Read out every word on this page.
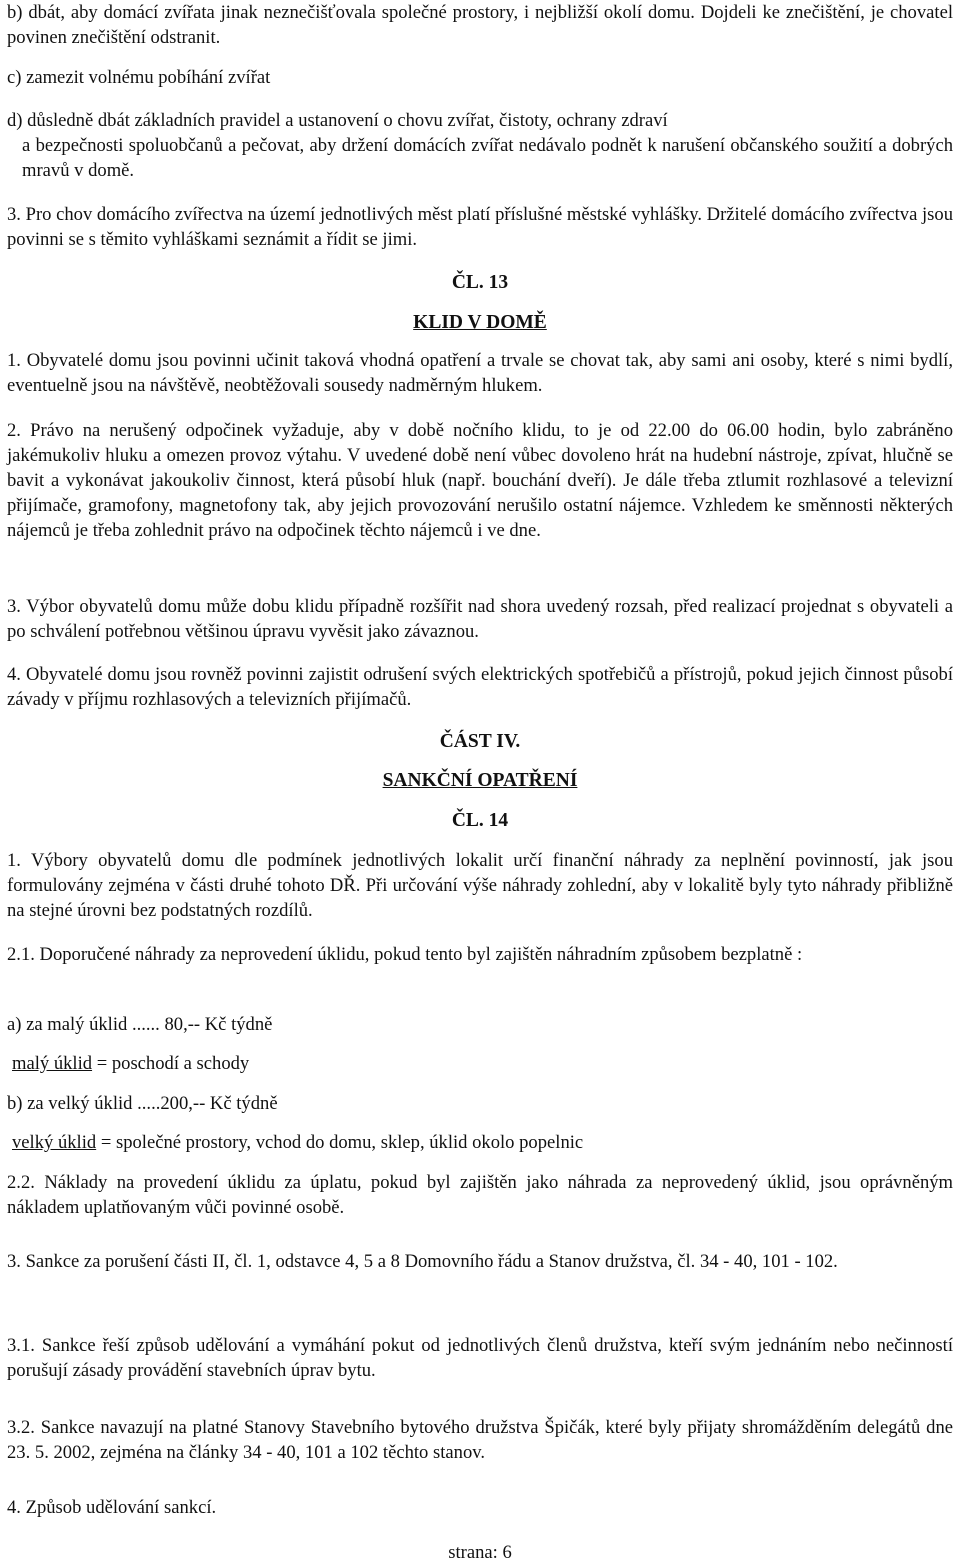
b) dbát, aby domácí zvířata jinak neznečišťovala společné prostory, i nejbližší okolí domu. Dojdeli ke znečištění, je chovatel povinen znečištění odstranit.

c) zamezit volnému pobíhání zvířat

d) důsledně dbát základních pravidel a ustanovení o chovu zvířat, čistoty, ochrany zdraví

a bezpečnosti spoluobčanů a pečovat, aby držení domácích zvířat nedávalo podnět k narušení občanského soužití a dobrých mravů v domě.

3. Pro chov domácího zvířectva na území jednotlivých měst platí příslušné městské vyhlášky. Držitelé domácího zvířectva jsou povinni se s těmito vyhláškami seznámit a řídit se jimi.

ČL. 13

KLID V DOMĚ

1. Obyvatelé domu jsou povinni učinit taková vhodná opatření a trvale se chovat tak, aby sami ani osoby, které s nimi bydlí, eventuelně jsou na návštěvě, neobtěžovali sousedy nadměrným hlukem.

2. Právo na nerušený odpočinek vyžaduje, aby v době nočního klidu, to je od 22.00 do 06.00 hodin, bylo zabráněno jakémukoliv hluku a omezen provoz výtahu. V uvedené době není vůbec dovoleno hrát na hudební nástroje, zpívat, hlučně se bavit a vykonávat jakoukoliv činnost, která působí hluk (např. bouchání dveří). Je dále třeba ztlumit rozhlasové a televizní přijímače, gramofony, magnetofony tak, aby jejich provozování nerušilo ostatní nájemce. Vzhledem ke směnnosti některých nájemců je třeba zohlednit právo na odpočinek těchto nájemců i ve dne.

3. Výbor obyvatelů domu může dobu klidu případně rozšířit nad shora uvedený rozsah, před realizací projednat s obyvateli a po schválení potřebnou většinou úpravu vyvěsit jako závaznou.

4. Obyvatelé domu jsou rovněž povinni zajistit odrušení svých elektrických spotřebičů a přístrojů, pokud jejich činnost působí závady v příjmu rozhlasových a televizních přijímačů.

ČÁST IV.

SANKČNÍ OPATŘENÍ

ČL. 14

1. Výbory obyvatelů domu dle podmínek jednotlivých lokalit určí finanční náhrady za neplnění povinností, jak jsou formulovány zejména v části druhé tohoto DŘ. Při určování výše náhrady zohlední, aby v lokalitě byly tyto náhrady přibližně na stejné úrovni bez podstatných rozdílů.

2.1. Doporučené náhrady za neprovedení úklidu, pokud tento byl zajištěn náhradním způsobem bezplatně :

a) za malý úklid ...... 80,-- Kč týdně

malý úklid = poschodí a schody

b) za velký úklid .....200,-- Kč týdně

velký úklid = společné prostory, vchod do domu, sklep, úklid okolo popelnic

2.2. Náklady na provedení úklidu za úplatu, pokud byl zajištěn jako náhrada za neprovedený úklid, jsou oprávněným nákladem uplatňovaným vůči povinné osobě.

3. Sankce za porušení části II, čl. 1, odstavce 4, 5 a 8 Domovního řádu a Stanov družstva, čl. 34 - 40, 101 - 102.

3.1. Sankce řeší způsob udělování a vymáhání pokut od jednotlivých členů družstva, kteří svým jednáním nebo nečinností porušují zásady provádění stavebních úprav bytu.

3.2. Sankce navazují na platné Stanovy Stavebního bytového družstva Špičák, které byly přijaty shromážděním delegátů dne 23. 5. 2002, zejména na články 34 - 40, 101 a 102 těchto stanov.

4. Způsob udělování sankcí.

strana: 6
